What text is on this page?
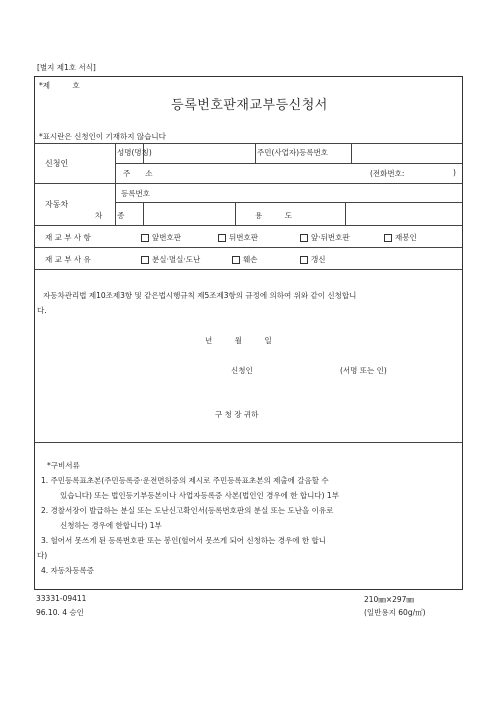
[별지 제1호 서식]
*제　　　호
등록번호판재교부등신청서
*표시란은 신청인이 기재하지 않습니다
신청인
성명(명칭)	주민(사업자)등록번호
주　　소	(전화번호:	)
자동차
등록번호
차　　종	용　　　도
재 교 부 사 항	앞번호판	뒤번호판	앞·뒤번호판	재봉인
재 교 부 사 유	분실·멸실·도난	훼손	갱신
자동차관리법 제10조제3항 및 같은법시행규칙 제5조제3항의 규정에 의하여 위와 같이 신청합니
다.
년　　　월　　　일
신청인	(서명 또는 인)
구 청 장 귀하
*구비서류
1. 주민등록표초본(주민등록증·운전면허증의 제시로 주민등록표초본의 제출에 갈음할 수
있습니다) 또는 법인등기부등본이나 사업자등록증 사본(법인인 경우에 한 합니다) 1부
2. 경찰서장이 발급하는 분실 또는 도난신고확인서(등록번호판의 분실 또는 도난을 이유로
신청하는 경우에 한합니다) 1부
3. 헐어서 못쓰게 된 등록번호판 또는 봉인(헐어서 못쓰게 되어 신청하는 경우에 한 합니
다)
4. 자동차등록증
33331-09411
96.10. 4 승인
210㎜×297㎜
(일반용지 60g/㎡)
